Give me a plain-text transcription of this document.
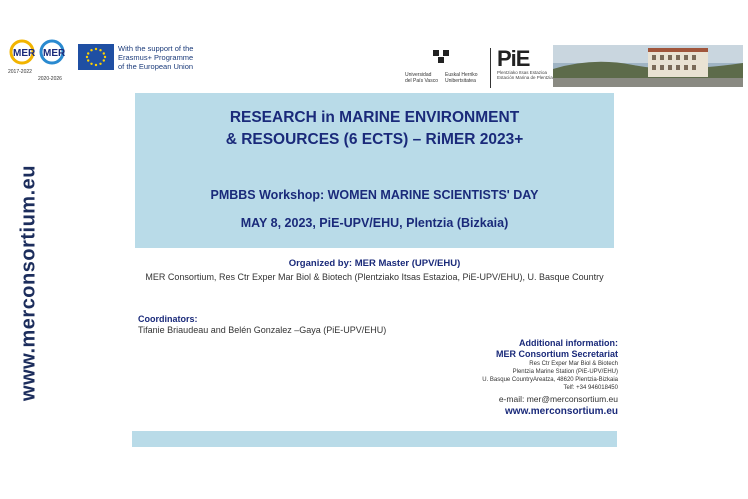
MER MER
2017-2022
2020-2026
With the support of the
Erasmus+ Programme
of the European Union
Universidad
del País Vasco
Euskal Herriko
Unibertsitatea
PiE
Plentziako Itsas Estazioa
Estación Marina de Plentzia
www.merconsortium.eu
RESEARCH in MARINE ENVIRONMENT
& RESOURCES (6 ECTS) – RiMER 2023+
PMBBS Workshop: WOMEN MARINE SCIENTISTS' DAY
MAY 8, 2023, PiE-UPV/EHU, Plentzia (Bizkaia)
Organized by: MER Master (UPV/EHU)
MER Consortium, Res Ctr Exper Mar Biol & Biotech (Plentziako Itsas Estazioa, PiE-UPV/EHU), U. Basque Country
Coordinators:
Tifanie Briaudeau and Belén Gonzalez –Gaya (PiE-UPV/EHU)
Additional information:
MER Consortium Secretariat
Res Ctr Exper Mar Biol & Biotech
Plentzia Marine Station (PiE-UPV/EHU)
U. Basque CountryAreatza, 48620 Plentzia-Bizkaia
Telf: +34 946018450
e-mail: mer@merconsortium.eu
www.merconsortium.eu
